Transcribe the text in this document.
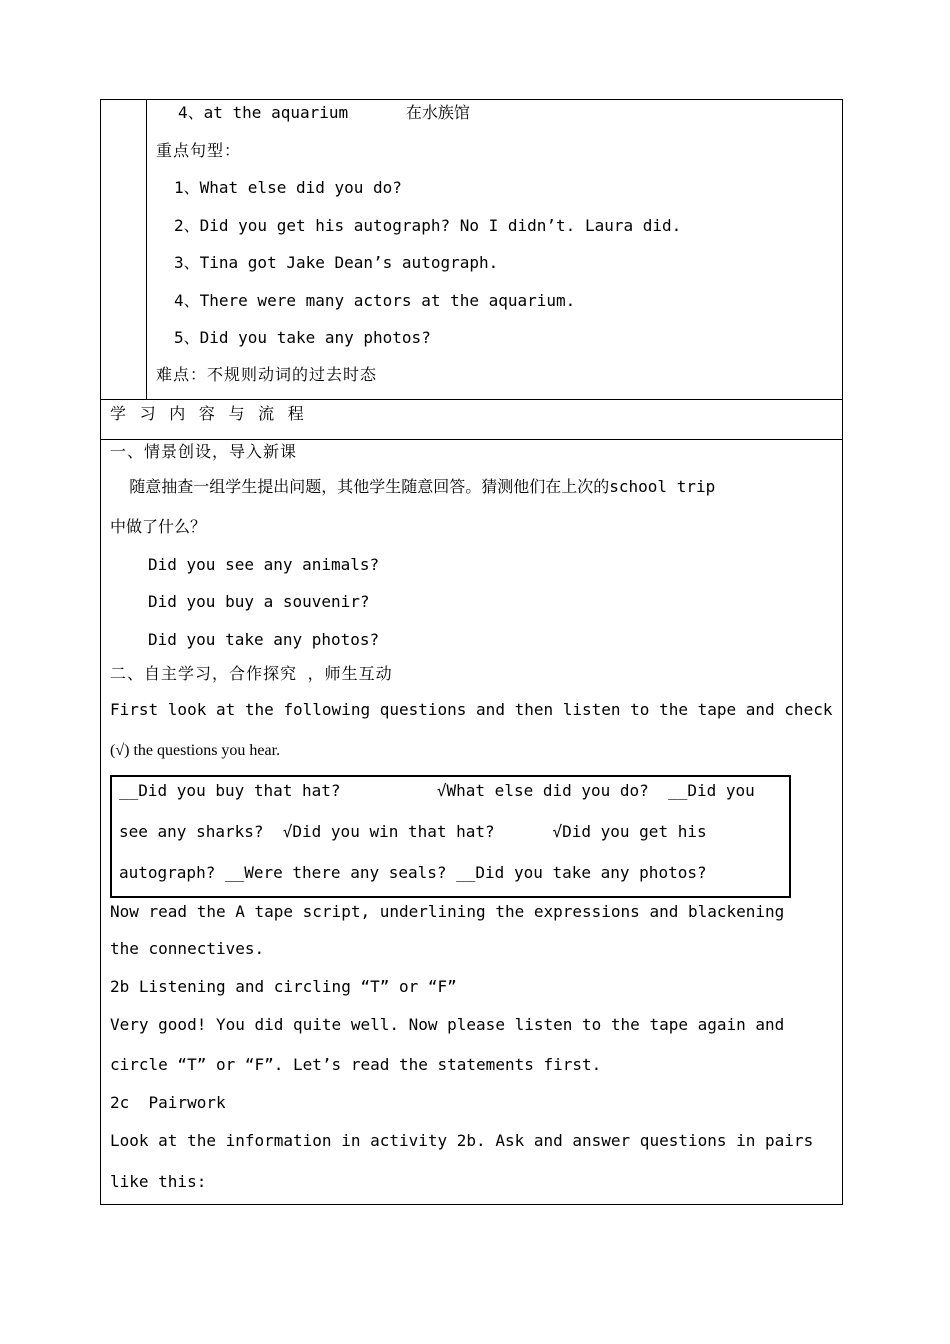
4、at the aquarium      在水族馆
重点句型：
1、What else did you do?
2、Did you get his autograph? No I didn’t. Laura did.
3、Tina got Jake Dean’s autograph.
4、There were many actors at the aquarium.
5、Did you take any photos?
难点：不规则动词的过去时态
学 习 内 容 与 流 程
一、情景创设，导入新课
随意抽查一组学生提出问题，其他学生随意回答。猜测他们在上次的school trip
中做了什么？
Did you see any animals?
Did you buy a souvenir?
Did you take any photos?
二、自主学习，合作探究 ，师生互动
First look at the following questions and then listen to the tape and check
(√) the questions you hear.
__Did you buy that hat?          √What else did you do?  __Did you
see any sharks?  √Did you win that hat?      √Did you get his
autograph? __Were there any seals? __Did you take any photos?
Now read the A tape script, underlining the expressions and blackening
the connectives.
2b Listening and circling “T” or “F”
Very good! You did quite well. Now please listen to the tape again and
circle “T” or “F”. Let’s read the statements first.
2c  Pairwork
Look at the information in activity 2b. Ask and answer questions in pairs
like this:
